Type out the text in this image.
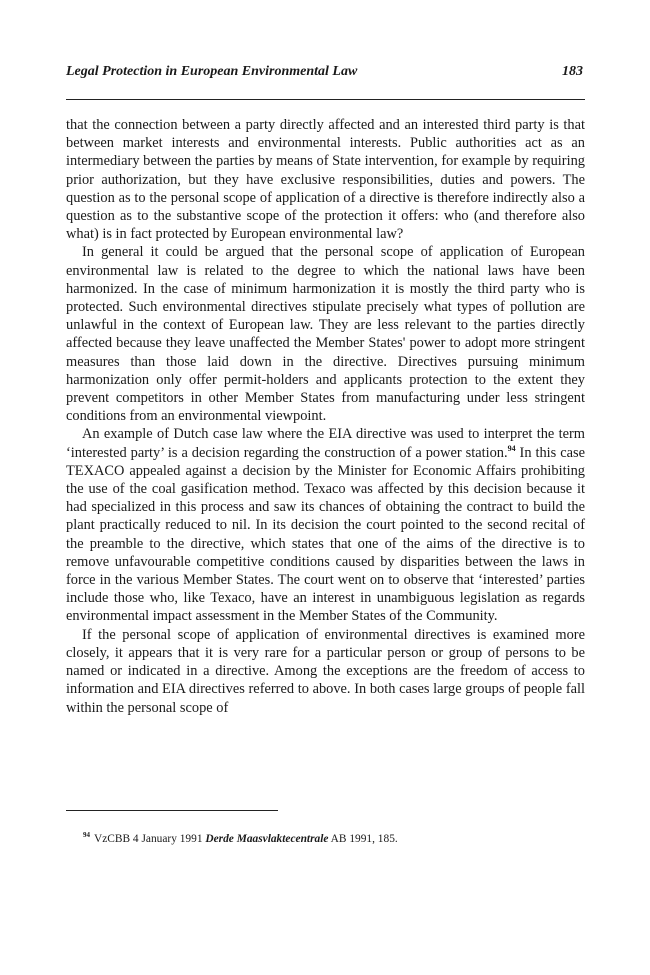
Legal Protection in European Environmental Law	183

that the connection between a party directly affected and an interested third party is that between market interests and environmental interests. Public authorities act as an intermediary between the parties by means of State intervention, for example by requiring prior authorization, but they have exclusive responsibilities, duties and powers. The question as to the personal scope of application of a directive is therefore indirectly also a question as to the substantive scope of the protection it offers: who (and therefore also what) is in fact protected by European environmental law?

In general it could be argued that the personal scope of application of European environmental law is related to the degree to which the national laws have been harmonized. In the case of minimum harmonization it is mostly the third party who is protected. Such environmental directives stipulate precisely what types of pollution are unlawful in the context of European law. They are less relevant to the parties directly affected because they leave unaffected the Member States' power to adopt more stringent measures than those laid down in the directive. Directives pursuing minimum harmonization only offer permit-holders and applicants protection to the extent they prevent competitors in other Member States from manufacturing under less stringent conditions from an environmental viewpoint.

An example of Dutch case law where the EIA directive was used to interpret the term ‘interested party’ is a decision regarding the construction of a power station.$^{94}$ In this case TEXACO appealed against a decision by the Minister for Economic Affairs prohibiting the use of the coal gasification method. Texaco was affected by this decision because it had specialized in this process and saw its chances of obtaining the contract to build the plant practically reduced to nil. In its decision the court pointed to the second recital of the preamble to the directive, which states that one of the aims of the directive is to remove unfavourable competitive conditions caused by disparities between the laws in force in the various Member States. The court went on to observe that ‘interested’ parties include those who, like Texaco, have an interest in unambiguous legislation as regards environmental impact assessment in the Member States of the Community.

If the personal scope of application of environmental directives is examined more closely, it appears that it is very rare for a particular person or group of persons to be named or indicated in a directive. Among the exceptions are the freedom of access to information and EIA directives referred to above. In both cases large groups of people fall within the personal scope of

$^{94}$ VzCBB 4 January 1991 Derde Maasvlaktecentrale AB 1991, 185.
